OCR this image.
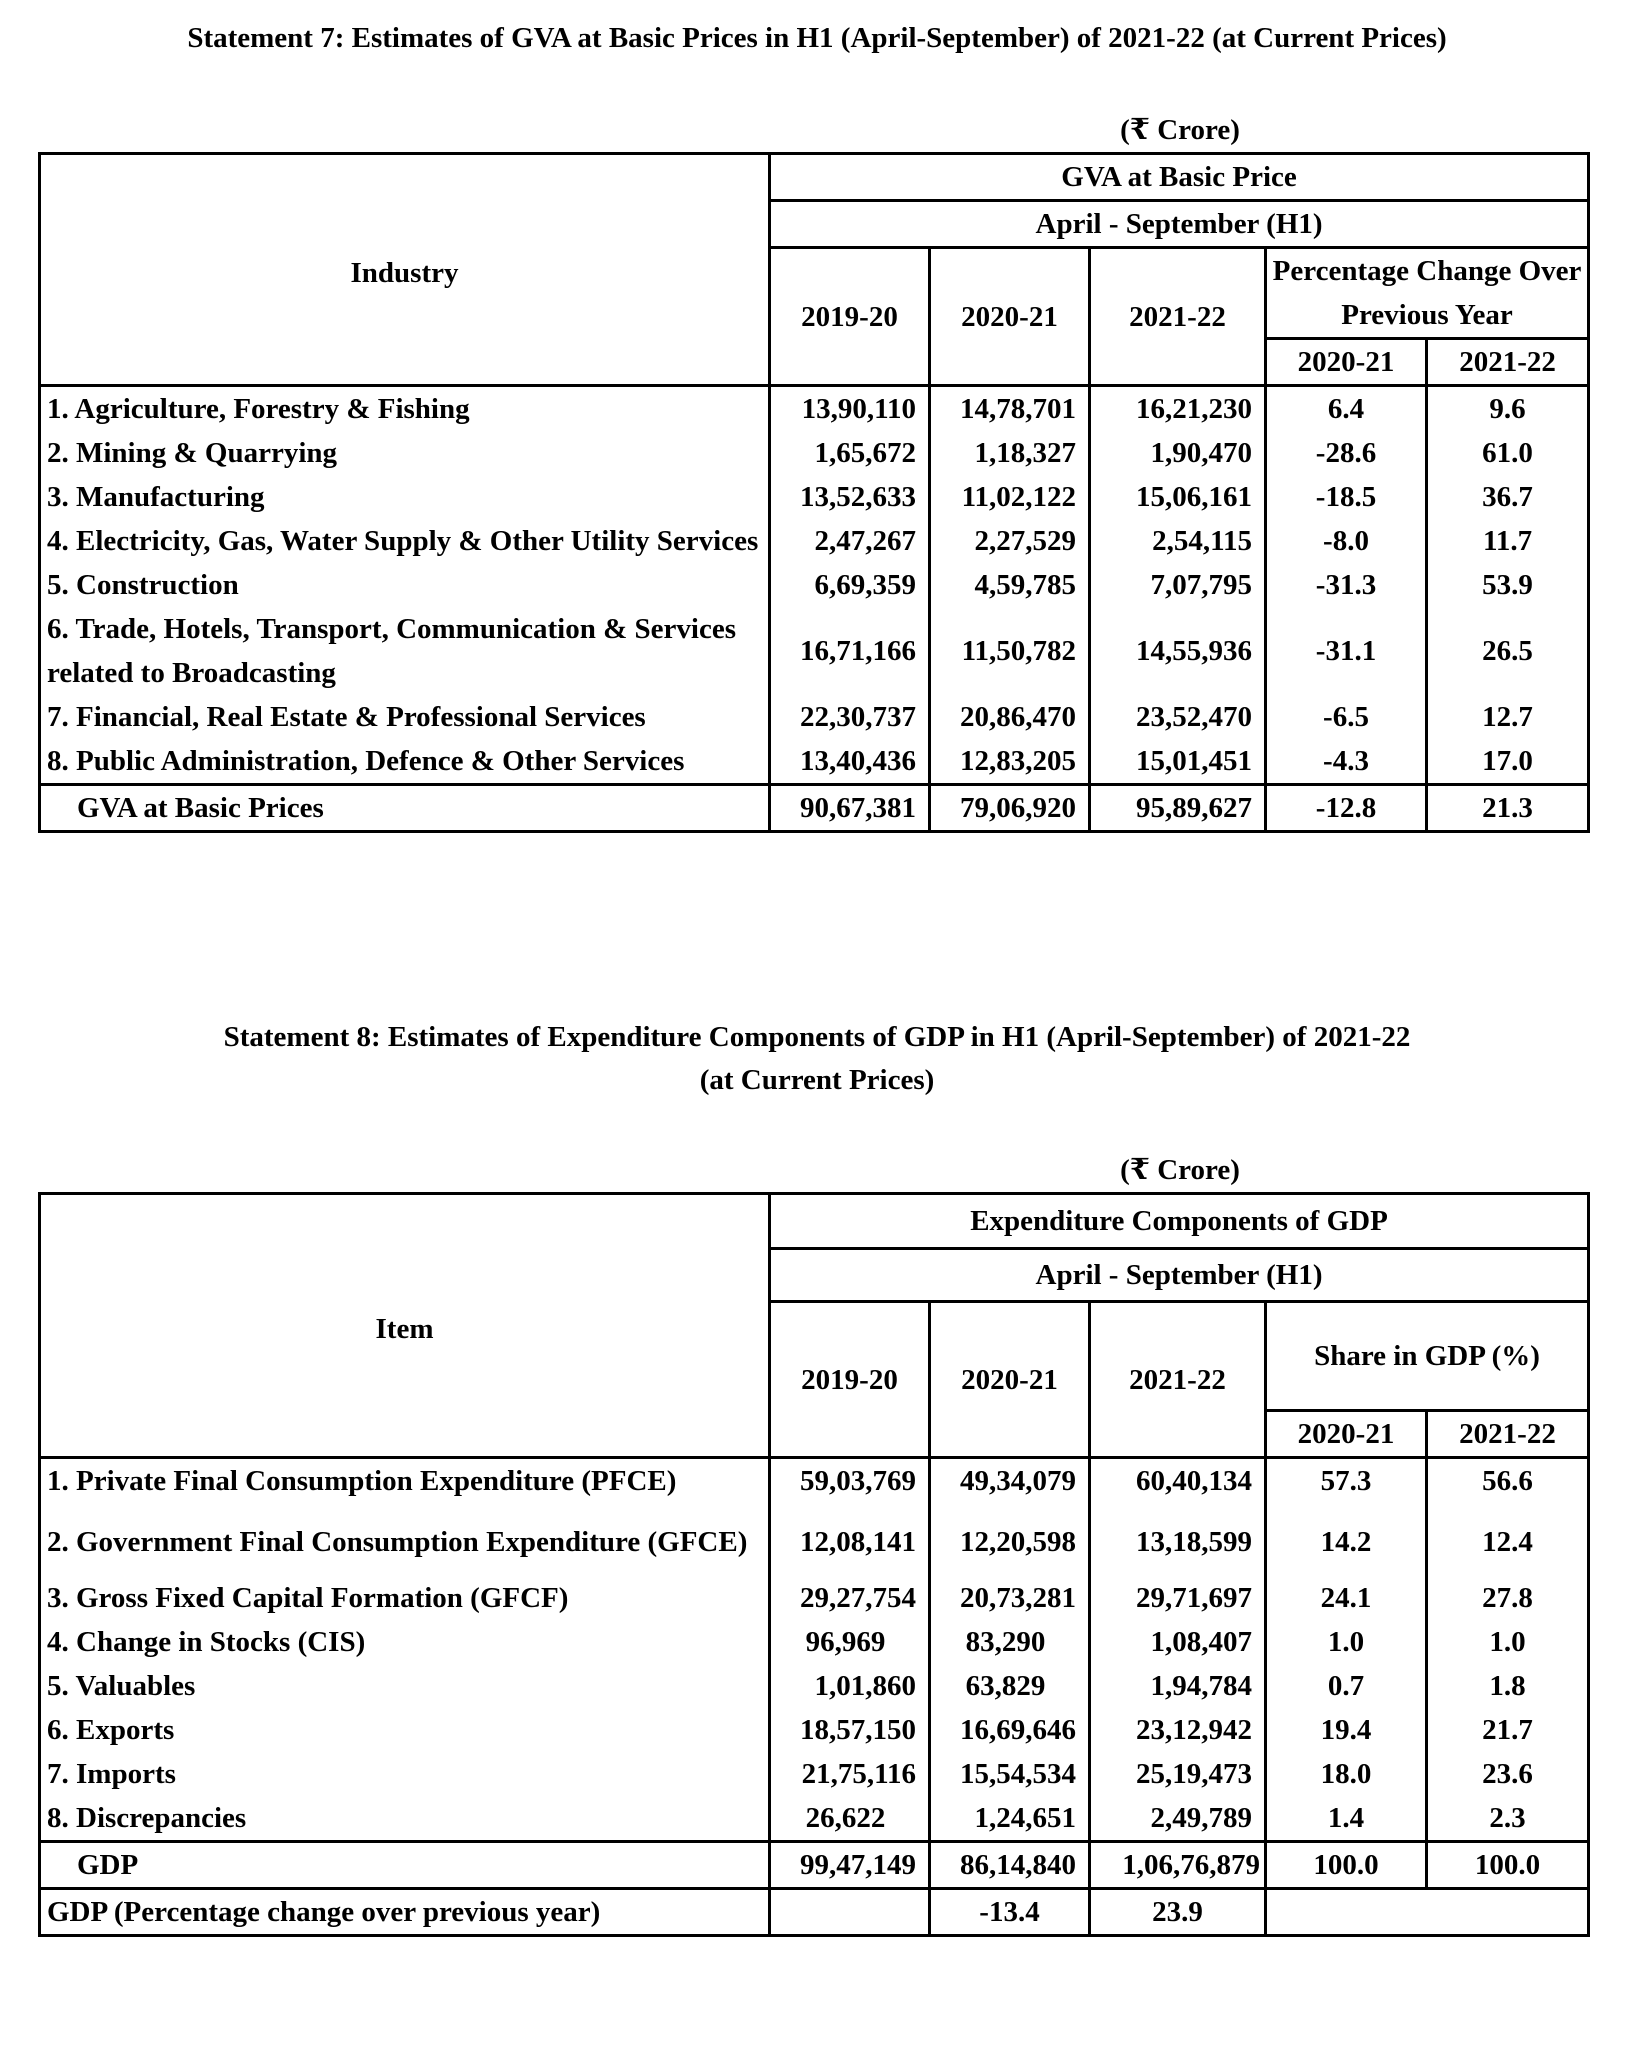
Statement 7: Estimates of GVA at Basic Prices in H1 (April-September) of 2021-22 (at Current Prices)
(₹ Crore)
Industry	GVA at Basic Price				
	April - September (H1)				
	2019-20	2020-21	2021-22	Percentage Change Over Previous Year	
				2020-21	2021-22
1. Agriculture, Forestry & Fishing	13,90,110	14,78,701	16,21,230	6.4	9.6
2. Mining & Quarrying	1,65,672	1,18,327	1,90,470	-28.6	61.0
3. Manufacturing	13,52,633	11,02,122	15,06,161	-18.5	36.7
4. Electricity, Gas, Water Supply & Other Utility Services	2,47,267	2,27,529	2,54,115	-8.0	11.7
5. Construction	6,69,359	4,59,785	7,07,795	-31.3	53.9
6. Trade, Hotels, Transport, Communication & Services related to Broadcasting	16,71,166	11,50,782	14,55,936	-31.1	26.5
7. Financial, Real Estate & Professional Services	22,30,737	20,86,470	23,52,470	-6.5	12.7
8. Public Administration, Defence & Other Services	13,40,436	12,83,205	15,01,451	-4.3	17.0
GVA at Basic Prices	90,67,381	79,06,920	95,89,627	-12.8	21.3
Statement 8: Estimates of Expenditure Components of GDP in H1 (April-September) of 2021-22
(at Current Prices)
(₹ Crore)
Item	Expenditure Components of GDP				
	April - September (H1)				
	2019-20	2020-21	2021-22	Share in GDP (%)	
				2020-21	2021-22
1. Private Final Consumption Expenditure (PFCE)	59,03,769	49,34,079	60,40,134	57.3	56.6
2. Government Final Consumption Expenditure (GFCE)	12,08,141	12,20,598	13,18,599	14.2	12.4
3. Gross Fixed Capital Formation (GFCF)	29,27,754	20,73,281	29,71,697	24.1	27.8
4. Change in Stocks (CIS)	96,969	83,290	1,08,407	1.0	1.0
5. Valuables	1,01,860	63,829	1,94,784	0.7	1.8
6. Exports	18,57,150	16,69,646	23,12,942	19.4	21.7
7. Imports	21,75,116	15,54,534	25,19,473	18.0	23.6
8. Discrepancies	26,622	1,24,651	2,49,789	1.4	2.3
GDP	99,47,149	86,14,840	1,06,76,879	100.0	100.0
GDP (Percentage change over previous year)		-13.4	23.9		
